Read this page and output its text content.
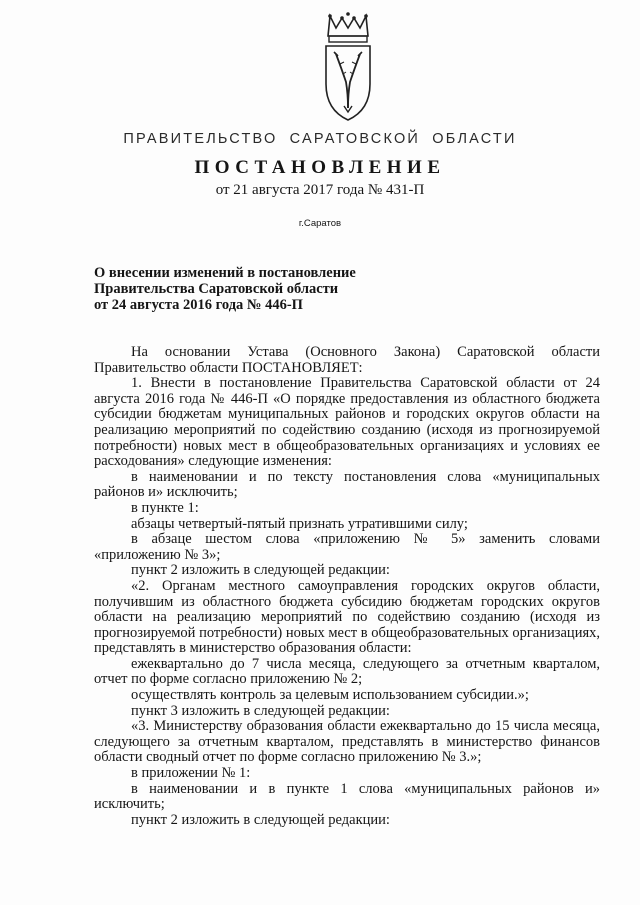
ПРАВИТЕЛЬСТВО САРАТОВСКОЙ ОБЛАСТИ
ПОСТАНОВЛЕНИЕ
от 21 августа 2017 года № 431-П
г.Саратов
О внесении изменений в постановление
Правительства Саратовской области
от 24 августа 2016 года № 446-П

На основании Устава (Основного Закона) Саратовской области Правительство области ПОСТАНОВЛЯЕТ:

1. Внести в постановление Правительства Саратовской области от 24 августа 2016 года № 446-П «О порядке предоставления из областного бюджета субсидии бюджетам муниципальных районов и городских округов области на реализацию мероприятий по содействию созданию (исходя из прогнозируемой потребности) новых мест в общеобразовательных организациях и условиях ее расходования» следующие изменения:

в наименовании и по тексту постановления слова «муниципальных районов и» исключить;

в пункте 1:

абзацы четвертый-пятый признать утратившими силу;

в абзаце шестом слова «приложению № 5» заменить словами «приложению № 3»;

пункт 2 изложить в следующей редакции:

«2. Органам местного самоуправления городских округов области, получившим из областного бюджета субсидию бюджетам городских округов области на реализацию мероприятий по содействию созданию (исходя из прогнозируемой потребности) новых мест в общеобразовательных организациях, представлять в министерство образования области:

ежеквартально до 7 числа месяца, следующего за отчетным кварталом, отчет по форме согласно приложению № 2;

осуществлять контроль за целевым использованием субсидии.»;

пункт 3 изложить в следующей редакции:

«3. Министерству образования области ежеквартально до 15 числа месяца, следующего за отчетным кварталом, представлять в министерство финансов области сводный отчет по форме согласно приложению № 3.»;

в приложении № 1:

в наименовании и в пункте 1 слова «муниципальных районов и» исключить;

пункт 2 изложить в следующей редакции:
